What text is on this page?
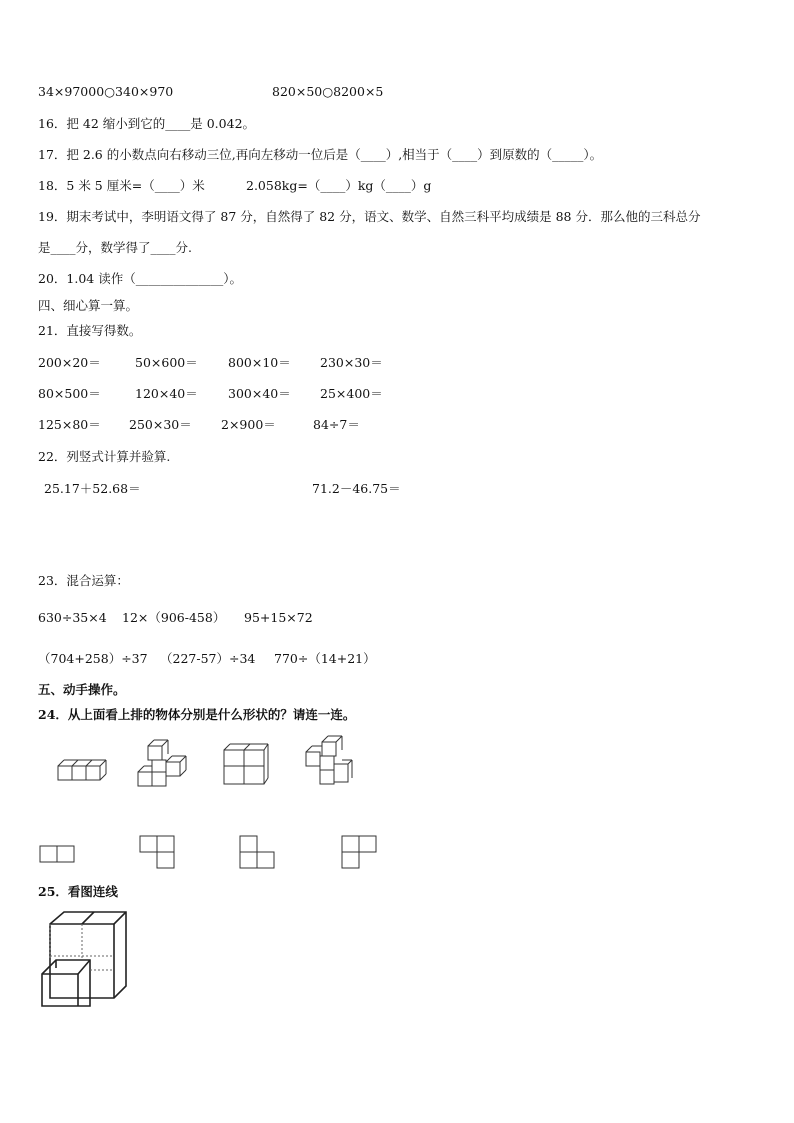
34×97000○340×970	820×50○8200×5
16．把 42 缩小到它的____是 0.042。
17．把 2.6 的小数点向右移动三位,再向左移动一位后是（____）,相当于（____）到原数的（_____）。
18．5 米 5 厘米=（____）米	2.058kg=（____）kg（____）g
19．期末考试中，李明语文得了 87 分，自然得了 82 分，语文、数学、自然三科平均成绩是 88 分．那么他的三科总分
是____分，数学得了____分.
20．1.04 读作（______________）。
四、细心算一算。
21．直接写得数。
200×20＝	50×600＝ 800×10＝ 230×30＝
80×500＝	120×40＝ 300×40＝ 25×400＝
125×80＝ 250×30＝ 2×900＝	84÷7＝
22．列竖式计算并验算.
25.17＋52.68＝	71.2－46.75＝
23．混合运算：
630÷35×4 12×（906-458） 95+15×72
（704+258）÷37 （227-57）÷34 770÷（14+21）
五、动手操作。
24．从上面看上排的物体分别是什么形状的？请连一连。
25．看图连线
